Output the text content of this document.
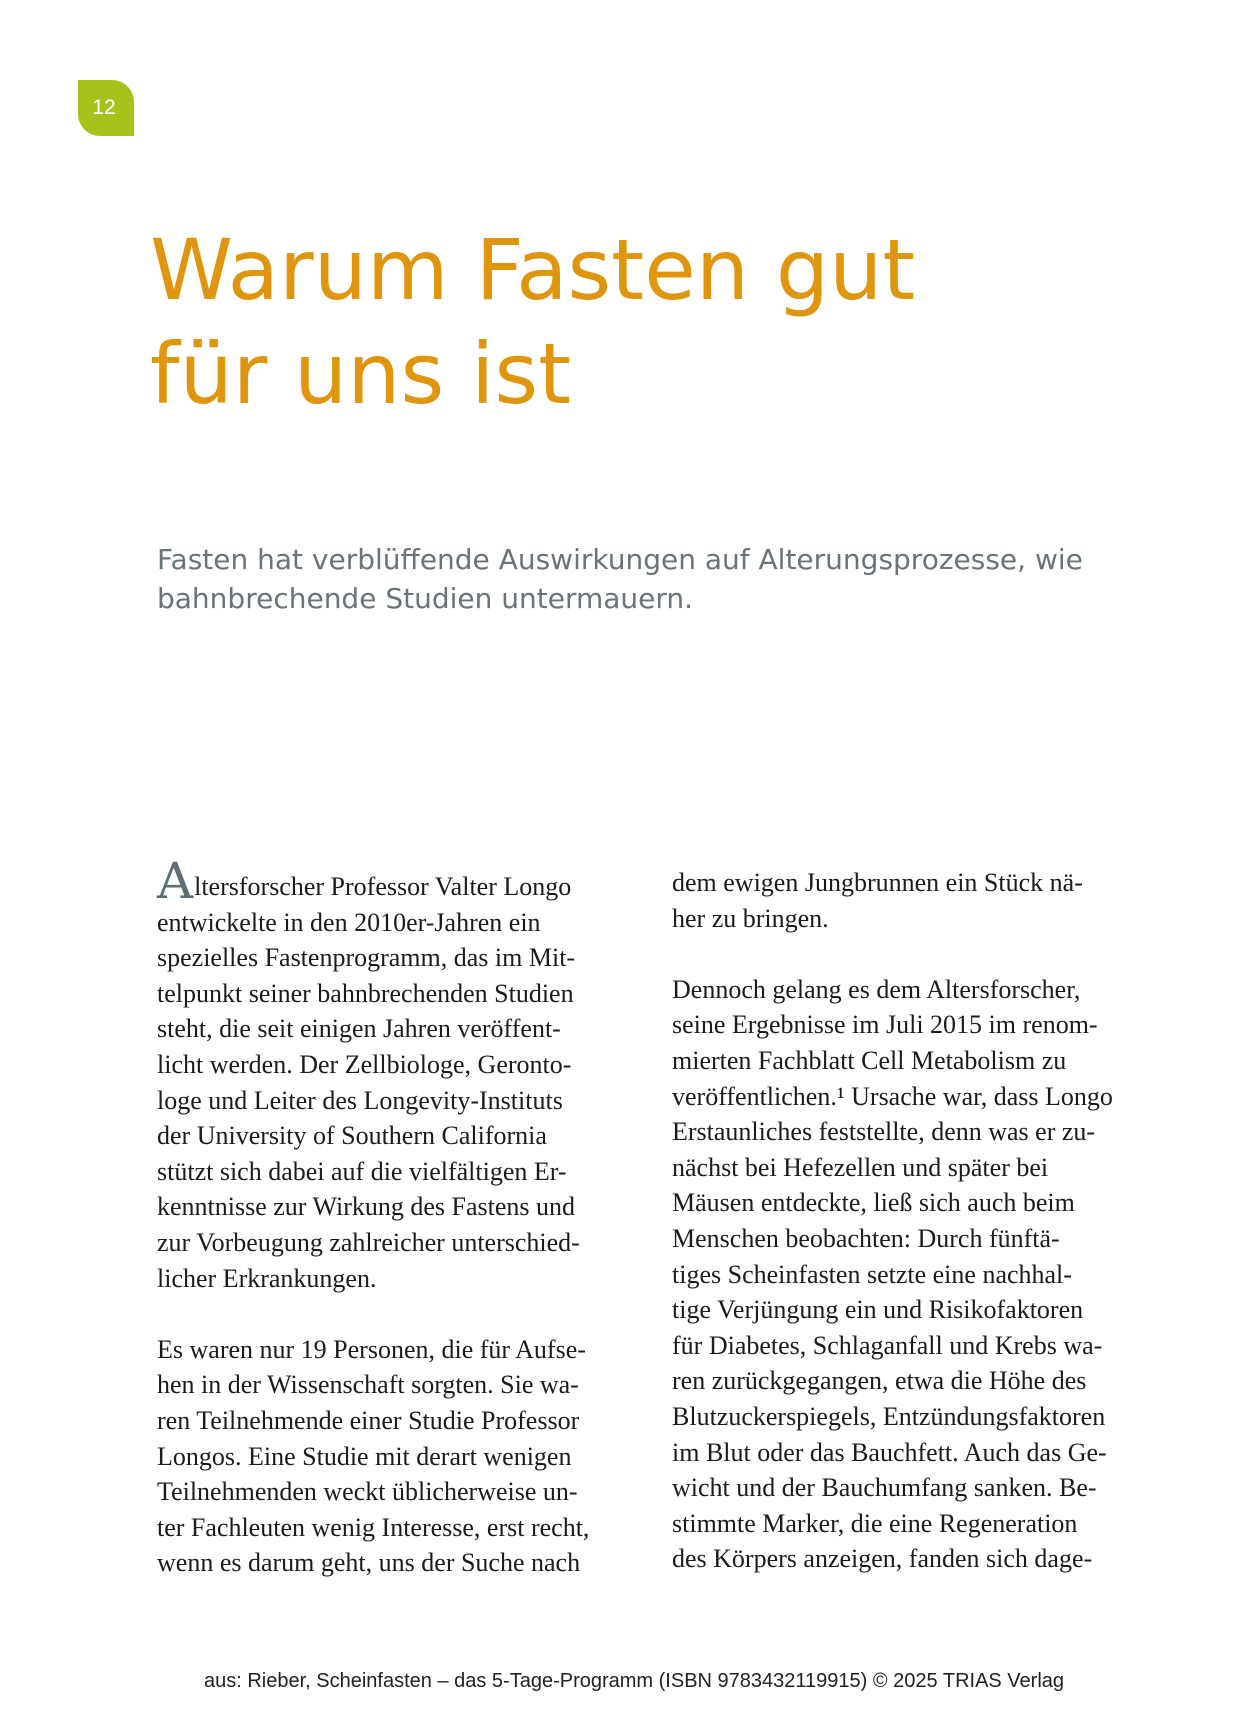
12
Warum Fasten gut
für uns ist
Fasten hat verblüffende Auswirkungen auf Alterungsprozesse, wie
bahnbrechende Studien untermauern.

Altersforscher Professor Valter Longo
entwickelte in den 2010er-Jahren ein
spezielles Fastenprogramm, das im Mit-
telpunkt seiner bahnbrechenden Studien
steht, die seit einigen Jahren veröffent-
licht werden. Der Zellbiologe, Geronto-
loge und Leiter des Longevity-Instituts
der University of Southern California
stützt sich dabei auf die vielfältigen Er-
kenntnisse zur Wirkung des Fastens und
zur Vorbeugung zahlreicher unterschied-
licher Erkrankungen.

Es waren nur 19 Personen, die für Aufse-
hen in der Wissenschaft sorgten. Sie wa-
ren Teilnehmende einer Studie Professor
Longos. Eine Studie mit derart wenigen
Teilnehmenden weckt üblicherweise un-
ter Fachleuten wenig Interesse, erst recht,
wenn es darum geht, uns der Suche nach

dem ewigen Jungbrunnen ein Stück nä-
her zu bringen.

Dennoch gelang es dem Altersforscher,
seine Ergebnisse im Juli 2015 im renom-
mierten Fachblatt Cell Metabolism zu
veröffentlichen.¹ Ursache war, dass Longo
Erstaunliches feststellte, denn was er zu-
nächst bei Hefezellen und später bei
Mäusen entdeckte, ließ sich auch beim
Menschen beobachten: Durch fünftä-
tiges Scheinfasten setzte eine nachhal-
tige Verjüngung ein und Risikofaktoren
für Diabetes, Schlaganfall und Krebs wa-
ren zurückgegangen, etwa die Höhe des
Blutzuckerspiegels, Entzündungsfaktoren
im Blut oder das Bauchfett. Auch das Ge-
wicht und der Bauchumfang sanken. Be-
stimmte Marker, die eine Regeneration
des Körpers anzeigen, fanden sich dage-

aus: Rieber, Scheinfasten – das 5-Tage-Programm (ISBN 9783432119915) © 2025 TRIAS Verlag
